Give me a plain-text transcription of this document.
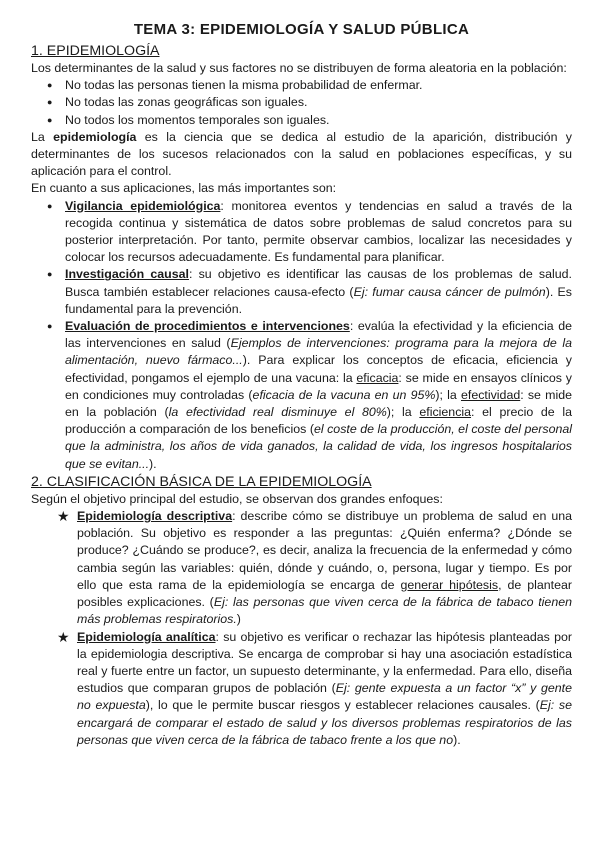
TEMA 3: EPIDEMIOLOGÍA Y SALUD PÚBLICA
1. EPIDEMIOLOGÍA

Los determinantes de la salud y sus factores no se distribuyen de forma aleatoria en la población:

● No todas las personas tienen la misma probabilidad de enfermar.
● No todas las zonas geográficas son iguales.
● No todos los momentos temporales son iguales.

La epidemiología es la ciencia que se dedica al estudio de la aparición, distribución y determinantes de los sucesos relacionados con la salud en poblaciones específicas, y su aplicación para el control.

En cuanto a sus aplicaciones, las más importantes son:

● Vigilancia epidemiológica: monitorea eventos y tendencias en salud a través de la recogida continua y sistemática de datos sobre problemas de salud concretos para su posterior interpretación. Por tanto, permite observar cambios, localizar las necesidades y colocar los recursos adecuadamente. Es fundamental para planificar.
● Investigación causal: su objetivo es identificar las causas de los problemas de salud. Busca también establecer relaciones causa-efecto (Ej: fumar causa cáncer de pulmón). Es fundamental para la prevención.
● Evaluación de procedimientos e intervenciones: evalúa la efectividad y la eficiencia de las intervenciones en salud (Ejemplos de intervenciones: programa para la mejora de la alimentación, nuevo fármaco...). Para explicar los conceptos de eficacia, eficiencia y efectividad, pongamos el ejemplo de una vacuna: la eficacia: se mide en ensayos clínicos y en condiciones muy controladas (eficacia de la vacuna en un 95%); la efectividad: se mide en la población (la efectividad real disminuye el 80%); la eficiencia: el precio de la producción a comparación de los beneficios (el coste de la producción, el coste del personal que la administra, los años de vida ganados, la calidad de vida, los ingresos hospitalarios que se evitan...).
2. CLASIFICACIÓN BÁSICA DE LA EPIDEMIOLOGÍA

Según el objetivo principal del estudio, se observan dos grandes enfoques:

★ Epidemiología descriptiva: describe cómo se distribuye un problema de salud en una población. Su objetivo es responder a las preguntas: ¿Quién enferma? ¿Dónde se produce? ¿Cuándo se produce?, es decir, analiza la frecuencia de la enfermedad y cómo cambia según las variables: quién, dónde y cuándo, o, persona, lugar y tiempo. Es por ello que esta rama de la epidemiología se encarga de generar hipótesis, de plantear posibles explicaciones. (Ej: las personas que viven cerca de la fábrica de tabaco tienen más problemas respiratorios.)
★ Epidemiología analítica: su objetivo es verificar o rechazar las hipótesis planteadas por la epidemiologia descriptiva. Se encarga de comprobar si hay una asociación estadística real y fuerte entre un factor, un supuesto determinante, y la enfermedad. Para ello, diseña estudios que comparan grupos de población (Ej: gente expuesta a un factor “x” y gente no expuesta), lo que le permite buscar riesgos y establecer relaciones causales. (Ej: se encargará de comparar el estado de salud y los diversos problemas respiratorios de las personas que viven cerca de la fábrica de tabaco frente a los que no).
